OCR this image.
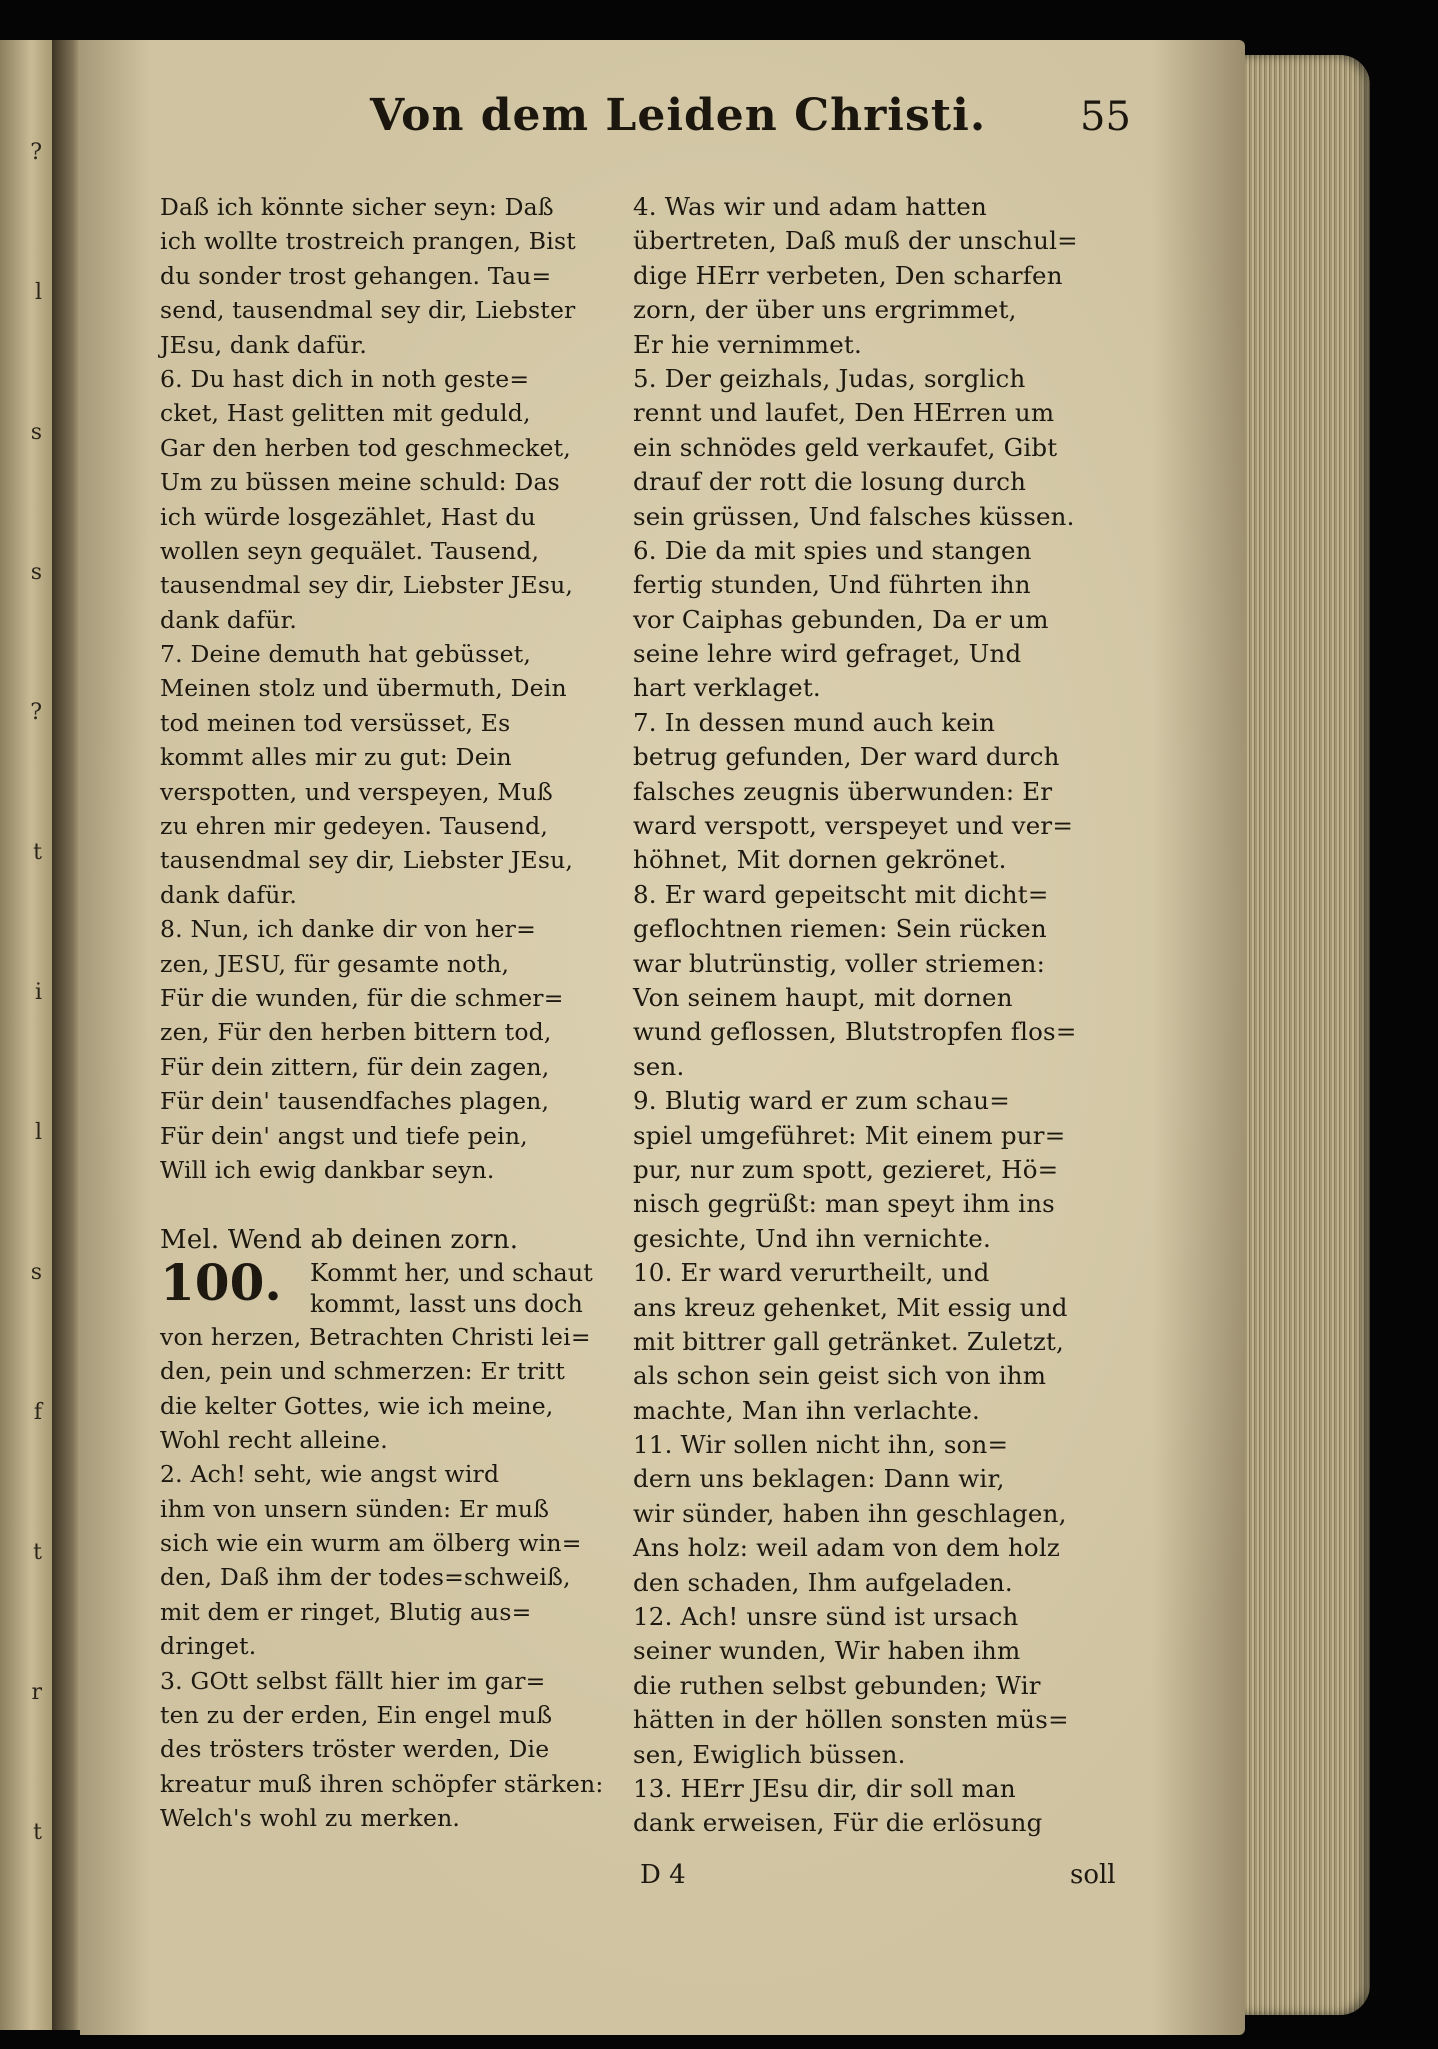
?
l
s
s
?
t
i
l
s
f
t
r
t
Von dem Leiden Christi. 55
Daß ich könnte sicher seyn: Daß
ich wollte trostreich prangen, Bist
du sonder trost gehangen. Tau=
send, tausendmal sey dir, Liebster
JEsu, dank dafür.
6. Du hast dich in noth geste=
cket, Hast gelitten mit geduld,
Gar den herben tod geschmecket,
Um zu büssen meine schuld: Das
ich würde losgezählet, Hast du
wollen seyn gequälet. Tausend,
tausendmal sey dir, Liebster JEsu,
dank dafür.
7. Deine demuth hat gebüsset,
Meinen stolz und übermuth, Dein
tod meinen tod versüsset, Es
kommt alles mir zu gut: Dein
verspotten, und verspeyen, Muß
zu ehren mir gedeyen. Tausend,
tausendmal sey dir, Liebster JEsu,
dank dafür.
8. Nun, ich danke dir von her=
zen, JESU, für gesamte noth,
Für die wunden, für die schmer=
zen, Für den herben bittern tod,
Für dein zittern, für dein zagen,
Für dein' tausendfaches plagen,
Für dein' angst und tiefe pein,
Will ich ewig dankbar seyn.
Mel. Wend ab deinen zorn.
100. Kommt her, und schaut
kommt, lasst uns doch
von herzen, Betrachten Christi lei=
den, pein und schmerzen: Er tritt
die kelter Gottes, wie ich meine,
Wohl recht alleine.
2. Ach! seht, wie angst wird
ihm von unsern sünden: Er muß
sich wie ein wurm am ölberg win=
den, Daß ihm der todes=schweiß,
mit dem er ringet, Blutig aus=
dringet.
3. GOtt selbst fällt hier im gar=
ten zu der erden, Ein engel muß
des trösters tröster werden, Die
kreatur muß ihren schöpfer stärken:
Welch's wohl zu merken.
4. Was wir und adam hatten
übertreten, Daß muß der unschul=
dige HErr verbeten, Den scharfen
zorn, der über uns ergrimmet,
Er hie vernimmet.
5. Der geizhals, Judas, sorglich
rennt und laufet, Den HErren um
ein schnödes geld verkaufet, Gibt
drauf der rott die losung durch
sein grüssen, Und falsches küssen.
6. Die da mit spies und stangen
fertig stunden, Und führten ihn
vor Caiphas gebunden, Da er um
seine lehre wird gefraget, Und
hart verklaget.
7. In dessen mund auch kein
betrug gefunden, Der ward durch
falsches zeugnis überwunden: Er
ward verspott, verspeyet und ver=
höhnet, Mit dornen gekrönet.
8. Er ward gepeitscht mit dicht=
geflochtnen riemen: Sein rücken
war blutrünstig, voller striemen:
Von seinem haupt, mit dornen
wund geflossen, Blutstropfen flos=
sen.
9. Blutig ward er zum schau=
spiel umgeführet: Mit einem pur=
pur, nur zum spott, gezieret, Hö=
nisch gegrüßt: man speyt ihm ins
gesichte, Und ihn vernichte.
10. Er ward verurtheilt, und
ans kreuz gehenket, Mit essig und
mit bittrer gall getränket. Zuletzt,
als schon sein geist sich von ihm
machte, Man ihn verlachte.
11. Wir sollen nicht ihn, son=
dern uns beklagen: Dann wir,
wir sünder, haben ihn geschlagen,
Ans holz: weil adam von dem holz
den schaden, Ihm aufgeladen.
12. Ach! unsre sünd ist ursach
seiner wunden, Wir haben ihm
die ruthen selbst gebunden; Wir
hätten in der höllen sonsten müs=
sen, Ewiglich büssen.
13. HErr JEsu dir, dir soll man
dank erweisen, Für die erlösung
D 4	soll
